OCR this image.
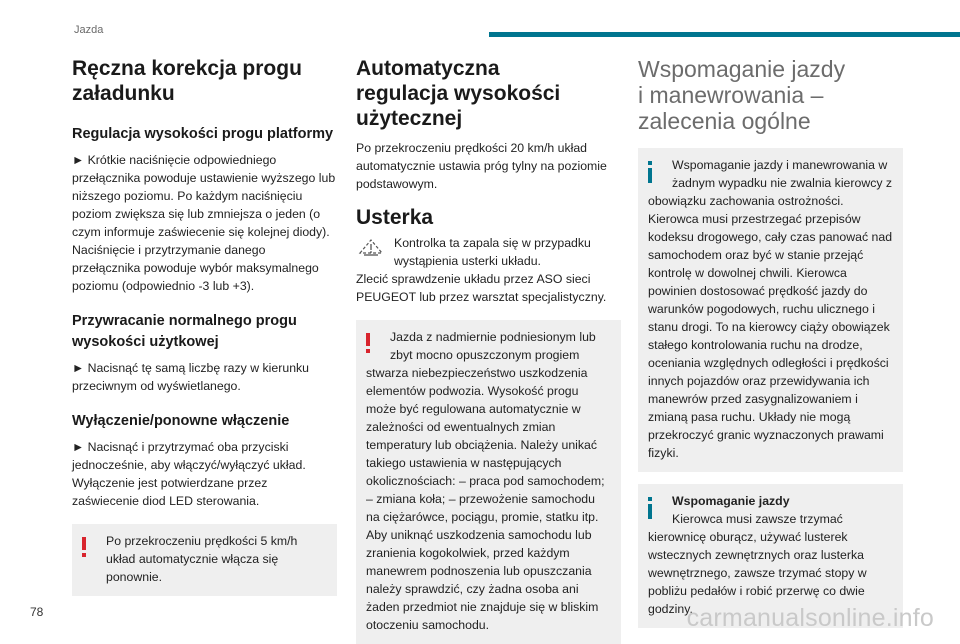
Jazda
Ręczna korekcja progu załadunku
Regulacja wysokości progu platformy

► Krótkie naciśnięcie odpowiedniego przełącznika powoduje ustawienie wyższego lub niższego poziomu. Po każdym naciśnięciu poziom zwiększa się lub zmniejsza o jeden (o czym informuje zaświecenie się kolejnej diody). Naciśnięcie i przytrzymanie danego przełącznika powoduje wybór maksymalnego poziomu (odpowiednio -3 lub +3).

Przywracanie normalnego progu wysokości użytkowej

► Nacisnąć tę samą liczbę razy w kierunku przeciwnym od wyświetlanego.

Wyłączenie/ponowne włączenie

► Nacisnąć i przytrzymać oba przyciski jednocześnie, aby włączyć/wyłączyć układ. Wyłączenie jest potwierdzane przez zaświecenie diod LED sterowania.

Po przekroczeniu prędkości 5 km/h układ automatycznie włącza się ponownie.
Automatyczna regulacja wysokości użytecznej

Po przekroczeniu prędkości 20 km/h układ automatycznie ustawia próg tylny na poziomie podstawowym.

Usterka

Kontrolka ta zapala się w przypadku wystąpienia usterki układu.

Zlecić sprawdzenie układu przez ASO sieci PEUGEOT lub przez warsztat specjalistyczny.

Jazda z nadmiernie podniesionym lub zbyt mocno opuszczonym progiem
stwarza niebezpieczeństwo uszkodzenia elementów podwozia. Wysokość progu może być regulowana automatycznie w zależności od ewentualnych zmian temperatury lub obciążenia. Należy unikać takiego ustawienia w następujących okolicznościach: – praca pod samochodem; – zmiana koła; – przewożenie samochodu na ciężarówce, pociągu, promie, statku itp. Aby uniknąć uszkodzenia samochodu lub zranienia kogokolwiek, przed każdym manewrem podnoszenia lub opuszczania należy sprawdzić, czy żadna osoba ani żaden przedmiot nie znajduje się w bliskim otoczeniu samochodu.
Wspomaganie jazdy i manewrowania – zalecenia ogólne
Wspomaganie jazdy i manewrowania w żadnym wypadku nie zwalnia kierowcy z
obowiązku zachowania ostrożności. Kierowca musi przestrzegać przepisów kodeksu drogowego, cały czas panować nad samochodem oraz być w stanie przejąć kontrolę w dowolnej chwili. Kierowca powinien dostosować prędkość jazdy do warunków pogodowych, ruchu ulicznego i stanu drogi. To na kierowcy ciąży obowiązek stałego kontrolowania ruchu na drodze, oceniania względnych odległości i prędkości innych pojazdów oraz przewidywania ich manewrów przed zasygnalizowaniem i zmianą pasa ruchu. Układy nie mogą przekroczyć granic wyznaczonych prawami fizyki.
Wspomaganie jazdy
Kierowca musi zawsze trzymać
kierownicę oburącz, używać lusterek wstecznych zewnętrznych oraz lusterka wewnętrznego, zawsze trzymać stopy w pobliżu pedałów i robić przerwę co dwie godziny.
78	carmanualsonline.info
